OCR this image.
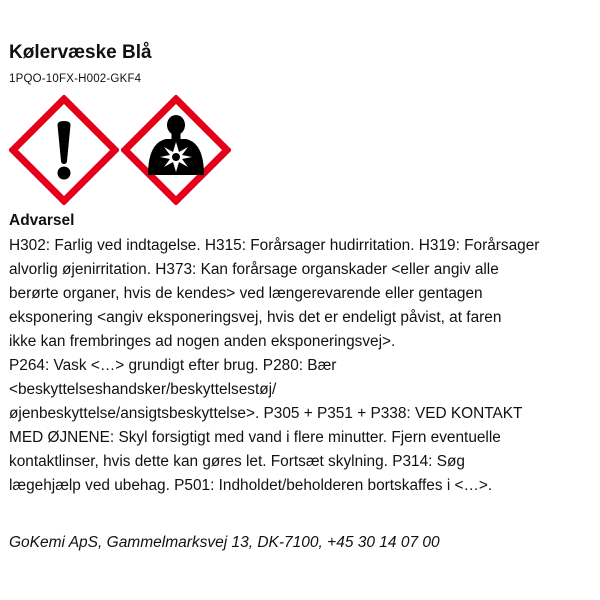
Kølervæske Blå
1PQO-10FX-H002-GKF4
Advarsel
H302: Farlig ved indtagelse. H315: Forårsager hudirritation. H319: Forårsager
alvorlig øjenirritation. H373: Kan forårsage organskader <eller angiv alle
berørte organer, hvis de kendes> ved længerevarende eller gentagen
eksponering <angiv eksponeringsvej, hvis det er endeligt påvist, at faren
ikke kan frembringes ad nogen anden eksponeringsvej>.
P264: Vask <…> grundigt efter brug. P280: Bær
<beskyttelseshandsker/beskyttelsestøj/
øjenbeskyttelse/ansigtsbeskyttelse>. P305 + P351 + P338: VED KONTAKT
MED ØJNENE: Skyl forsigtigt med vand i flere minutter. Fjern eventuelle
kontaktlinser, hvis dette kan gøres let. Fortsæt skylning. P314: Søg
lægehjælp ved ubehag. P501: Indholdet/beholderen bortskaffes i <…>.
GoKemi ApS, Gammelmarksvej 13, DK-7100, +45 30 14 07 00
